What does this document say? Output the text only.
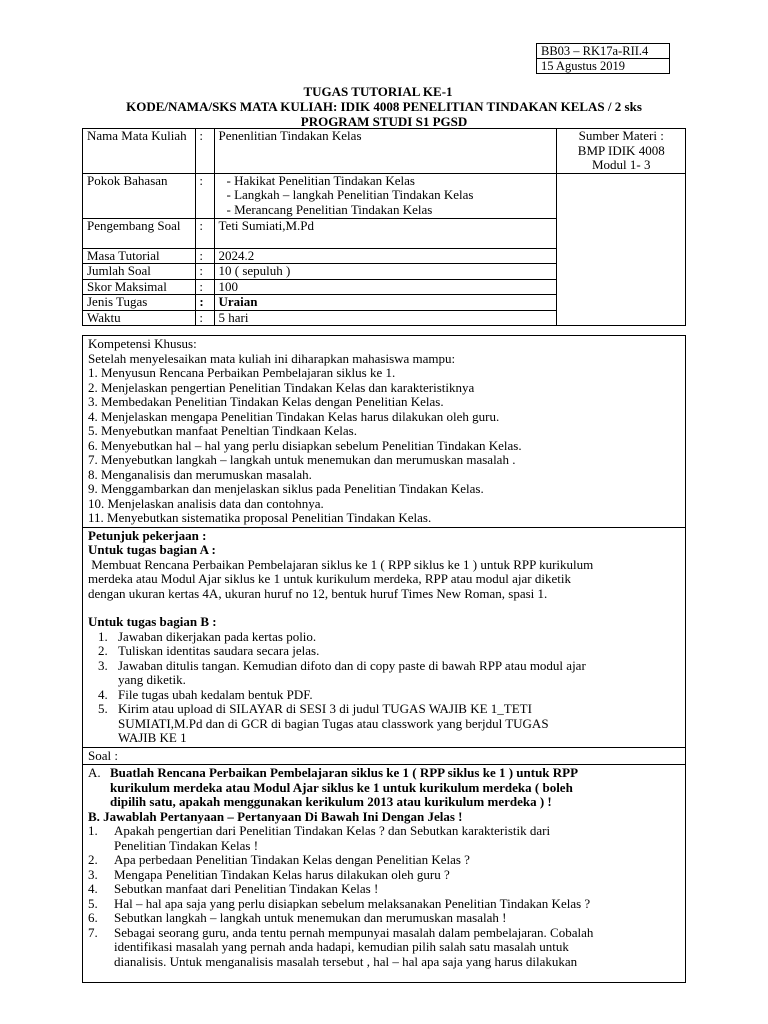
BB03 – RK17a-RII.4
15 Agustus 2019
TUGAS TUTORIAL KE-1
KODE/NAMA/SKS MATA KULIAH: IDIK 4008 PENELITIAN TINDAKAN KELAS / 2 sks
PROGRAM STUDI S1 PGSD
Nama Mata Kuliah	:	Penenlitian Tindakan Kelas	Sumber Materi :
BMP IDIK 4008
Modul 1- 3

Pokok Bahasan	:	- Hakikat Penelitian Tindakan Kelas
- Langkah – langkah Penelitian Tindakan Kelas
- Merancang Penelitian Tindakan Kelas	

Pengembang Soal	:	Teti Sumiati,M.Pd	
Masa Tutorial	:	2024.2	
Jumlah Soal	:	10 ( sepuluh )	
Skor Maksimal	:	100	
Jenis Tugas	:	Uraian	
Waktu	:	5 hari	
Kompetensi Khusus:
Setelah menyelesaikan mata kuliah ini diharapkan mahasiswa mampu:
1. Menyusun Rencana Perbaikan Pembelajaran siklus ke 1.
2. Menjelaskan pengertian Penelitian Tindakan Kelas dan karakteristiknya
3. Membedakan Penelitian Tindakan Kelas dengan Penelitian Kelas.
4. Menjelaskan mengapa Penelitian Tindakan Kelas harus dilakukan oleh guru.
5. Menyebutkan manfaat Peneltian Tindkaan Kelas.
6. Menyebutkan hal – hal yang perlu disiapkan sebelum Penelitian Tindakan Kelas.
7. Menyebutkan langkah – langkah untuk menemukan dan merumuskan masalah .
8. Menganalisis dan merumuskan masalah.
9. Menggambarkan dan menjelaskan siklus pada Penelitian Tindakan Kelas.
10. Menjelaskan analisis data dan contohnya.
11. Menyebutkan sistematika proposal Penelitian Tindakan Kelas.

Petunjuk pekerjaan :
Untuk tugas bagian A :
Membuat Rencana Perbaikan Pembelajaran siklus ke 1 ( RPP siklus ke 1 ) untuk RPP kurikulum
merdeka atau Modul Ajar siklus ke 1 untuk kurikulum merdeka, RPP atau modul ajar diketik
dengan ukuran kertas 4A, ukuran huruf no 12, bentuk huruf Times New Roman, spasi 1.
Untuk tugas bagian B :
1. Jawaban dikerjakan pada kertas polio.
2. Tuliskan identitas saudara secara jelas.
3. Jawaban ditulis tangan. Kemudian difoto dan di copy paste di bawah RPP atau modul ajar
yang diketik.
4. File tugas ubah kedalam bentuk PDF.
5. Kirim atau upload di SILAYAR di SESI 3 di judul TUGAS WAJIB KE 1_TETI
SUMIATI,M.Pd dan di GCR di bagian Tugas atau classwork yang berjdul TUGAS
WAJIB KE 1

Soal :

A. Buatlah Rencana Perbaikan Pembelajaran siklus ke 1 ( RPP siklus ke 1 ) untuk RPP
kurikulum merdeka atau Modul Ajar siklus ke 1 untuk kurikulum merdeka ( boleh
dipilih satu, apakah menggunakan kerikulum 2013 atau kurikulum merdeka ) !
B. Jawablah Pertanyaan – Pertanyaan Di Bawah Ini Dengan Jelas !
1. Apakah pengertian dari Penelitian Tindakan Kelas ? dan Sebutkan karakteristik dari
Penelitian Tindakan Kelas !
2. Apa perbedaan Penelitian Tindakan Kelas dengan Penelitian Kelas ?
3. Mengapa Penelitian Tindakan Kelas harus dilakukan oleh guru ?
4. Sebutkan manfaat dari Penelitian Tindakan Kelas !
5. Hal – hal apa saja yang perlu disiapkan sebelum melaksanakan Penelitian Tindakan Kelas ?
6. Sebutkan langkah – langkah untuk menemukan dan merumuskan masalah !
7. Sebagai seorang guru, anda tentu pernah mempunyai masalah dalam pembelajaran. Cobalah
identifikasi masalah yang pernah anda hadapi, kemudian pilih salah satu masalah untuk
dianalisis. Untuk menganalisis masalah tersebut , hal – hal apa saja yang harus dilakukan
